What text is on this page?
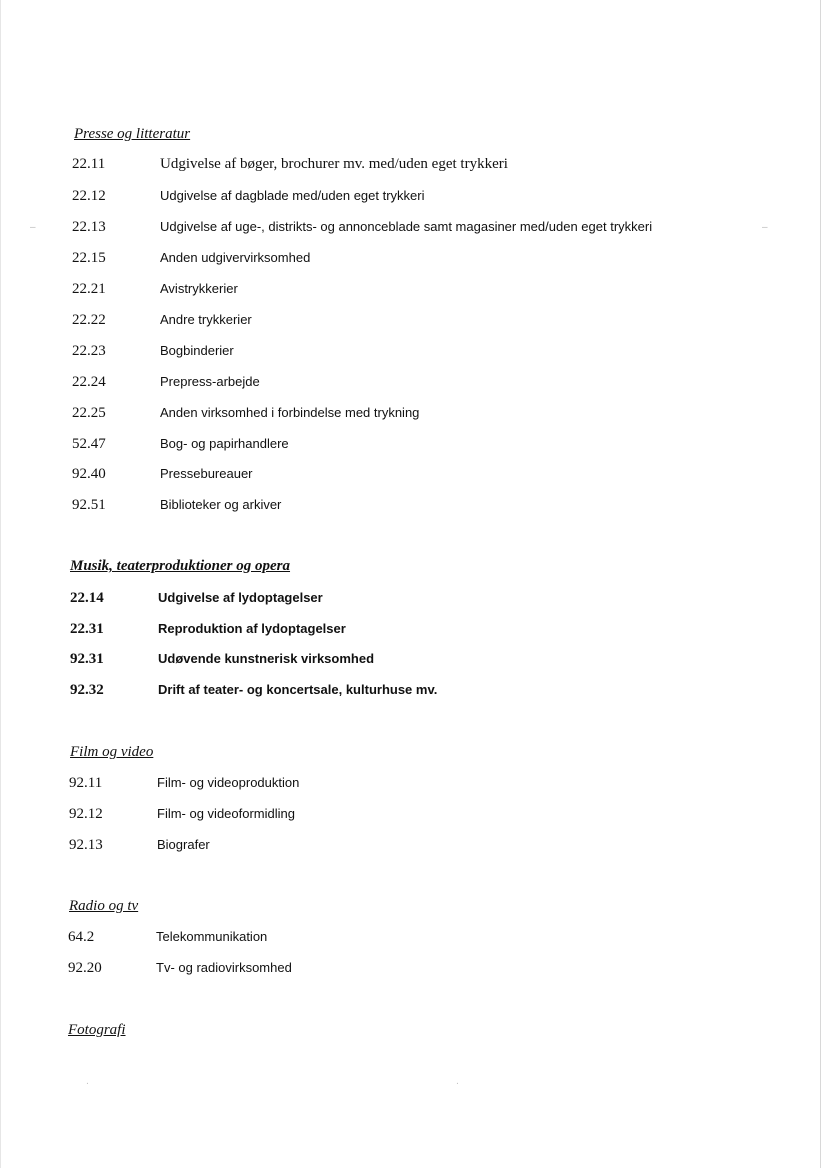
Presse og litteratur
22.11	Udgivelse af bøger, brochurer mv. med/uden eget trykkeri
22.12	Udgivelse af dagblade med/uden eget trykkeri
22.13	Udgivelse af uge-, distrikts- og annonceblade samt magasiner med/uden eget trykkeri
22.15	Anden udgivervirksomhed
22.21	Avistrykkerier
22.22	Andre trykkerier
22.23	Bogbinderier
22.24	Prepress-arbejde
22.25	Anden virksomhed i forbindelse med trykning
52.47	Bog- og papirhandlere
92.40	Pressebureauer
92.51	Biblioteker og arkiver
Musik, teaterproduktioner og opera
22.14	Udgivelse af lydoptagelser
22.31	Reproduktion af lydoptagelser
92.31	Udøvende kunstnerisk virksomhed
92.32	Drift af teater- og koncertsale, kulturhuse mv.
Film og video
92.11	Film- og videoproduktion
92.12	Film- og videoformidling
92.13	Biografer
Radio og tv
64.2	Telekommunikation
92.20	Tv- og radiovirksomhed
Fotografi
–	–
∙	∙
